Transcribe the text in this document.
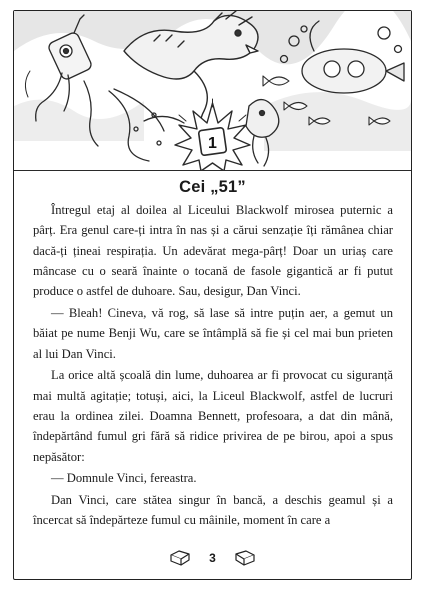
1
Cei „51”

Întregul etaj al doilea al Liceului Blackwolf mirosea puternic a pârț. Era genul care-ți intra în nas și a cărui senzație îți rămânea chiar dacă-ți țineai respirația. Un adevărat mega-pârț! Doar un uriaș care mâncase cu o seară înainte o tocană de fasole gigantică ar fi putut produce o astfel de duhoare. Sau, desigur, Dan Vinci.

— Bleah! Cineva, vă rog, să lase să intre puțin aer, a gemut un băiat pe nume Benji Wu, care se întâmplă să fie și cel mai bun prieten al lui Dan Vinci.

La orice altă școală din lume, duhoarea ar fi provocat cu siguranță mai multă agitație; totuși, aici, la Liceul Blackwolf, astfel de lucruri erau la ordinea zilei. Doamna Bennett, profesoara, a dat din mână, îndepărtând fumul gri fără să ridice privirea de pe birou, apoi a spus nepăsător:

— Domnule Vinci, fereastra.

Dan Vinci, care stătea singur în bancă, a deschis geamul și a încercat să îndepărteze fumul cu mâinile, moment în care a

3
